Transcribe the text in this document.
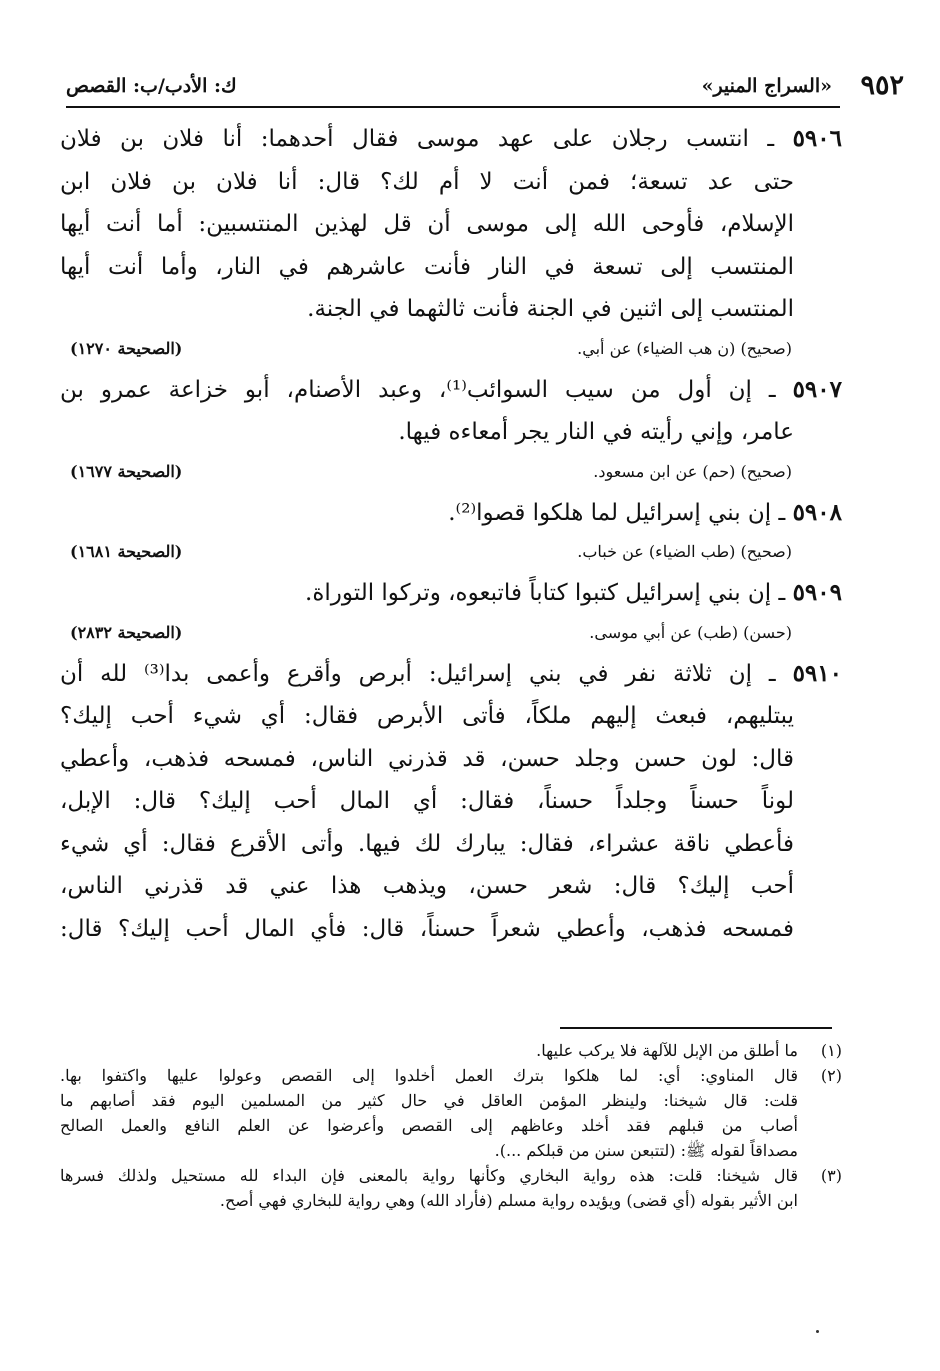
٩٥٢
«السراج المنير»
ك: الأدب/ب: القصص
٥٩٠٦ ـ انتسب رجلان على عهد موسى فقال أحدهما: أنا فلان بن فلان
حتى عد تسعة؛ فمن أنت لا أم لك؟ قال: أنا فلان بن فلان ابن
الإسلام، فأوحى الله إلى موسى أن قل لهذين المنتسبين: أما أنت أيها
المنتسب إلى تسعة في النار فأنت عاشرهم في النار، وأما أنت أيها
المنتسب إلى اثنين في الجنة فأنت ثالثهما في الجنة.
(صحيح) (ن هب الضياء) عن أبي.
(الصحيحة ١٢٧٠)
٥٩٠٧ ـ إن أول من سيب السوائب⁽¹⁾، وعبد الأصنام، أبو خزاعة عمرو بن
عامر، وإني رأيته في النار يجر أمعاءه فيها.
(صحيح) (حم) عن ابن مسعود.
(الصحيحة ١٦٧٧)
٥٩٠٨ ـ إن بني إسرائيل لما هلكوا قصوا⁽²⁾.
(صحيح) (طب الضياء) عن خباب.
(الصحيحة ١٦٨١)
٥٩٠٩ ـ إن بني إسرائيل كتبوا كتاباً فاتبعوه، وتركوا التوراة.
(حسن) (طب) عن أبي موسى.
(الصحيحة ٢٨٣٢)
٥٩١٠ ـ إن ثلاثة نفر في بني إسرائيل: أبرص وأقرع وأعمى بدا⁽³⁾ لله أن
يبتليهم، فبعث إليهم ملكاً، فأتى الأبرص فقال: أي شيء أحب إليك؟
قال: لون حسن وجلد حسن، قد قذرني الناس، فمسحه فذهب، وأعطي
لوناً حسناً وجلداً حسناً، فقال: أي المال أحب إليك؟ قال: الإبل،
فأعطي ناقة عشراء، فقال: يبارك لك فيها. وأتى الأقرع فقال: أي شيء
أحب إليك؟ قال: شعر حسن، ويذهب هذا عني قد قذرني الناس،
فمسحه فذهب، وأعطي شعراً حسناً، قال: فأي المال أحب إليك؟ قال:
(١)
ما أطلق من الإبل للآلهة فلا يركب عليها.
(٢)
قال المناوي: أي: لما هلكوا بترك العمل أخلدوا إلى القصص وعولوا عليها واكتفوا بها.
قلت: قال شيخنا: ولينظر المؤمن العاقل في حال كثير من المسلمين اليوم فقد أصابهم ما
أصاب من قبلهم فقد أخلد وعاظهم إلى القصص وأعرضوا عن العلم النافع والعمل الصالح
مصداقاً لقوله ﷺ: (لتتبعن سنن من قبلكم ...).
(٣)
قال شيخنا: قلت: هذه رواية البخاري وكأنها رواية بالمعنى فإن البداء لله مستحيل ولذلك فسرها
ابن الأثير بقوله (أي قضى) ويؤيده رواية مسلم (فأراد الله) وهي رواية للبخاري فهي أصح.
